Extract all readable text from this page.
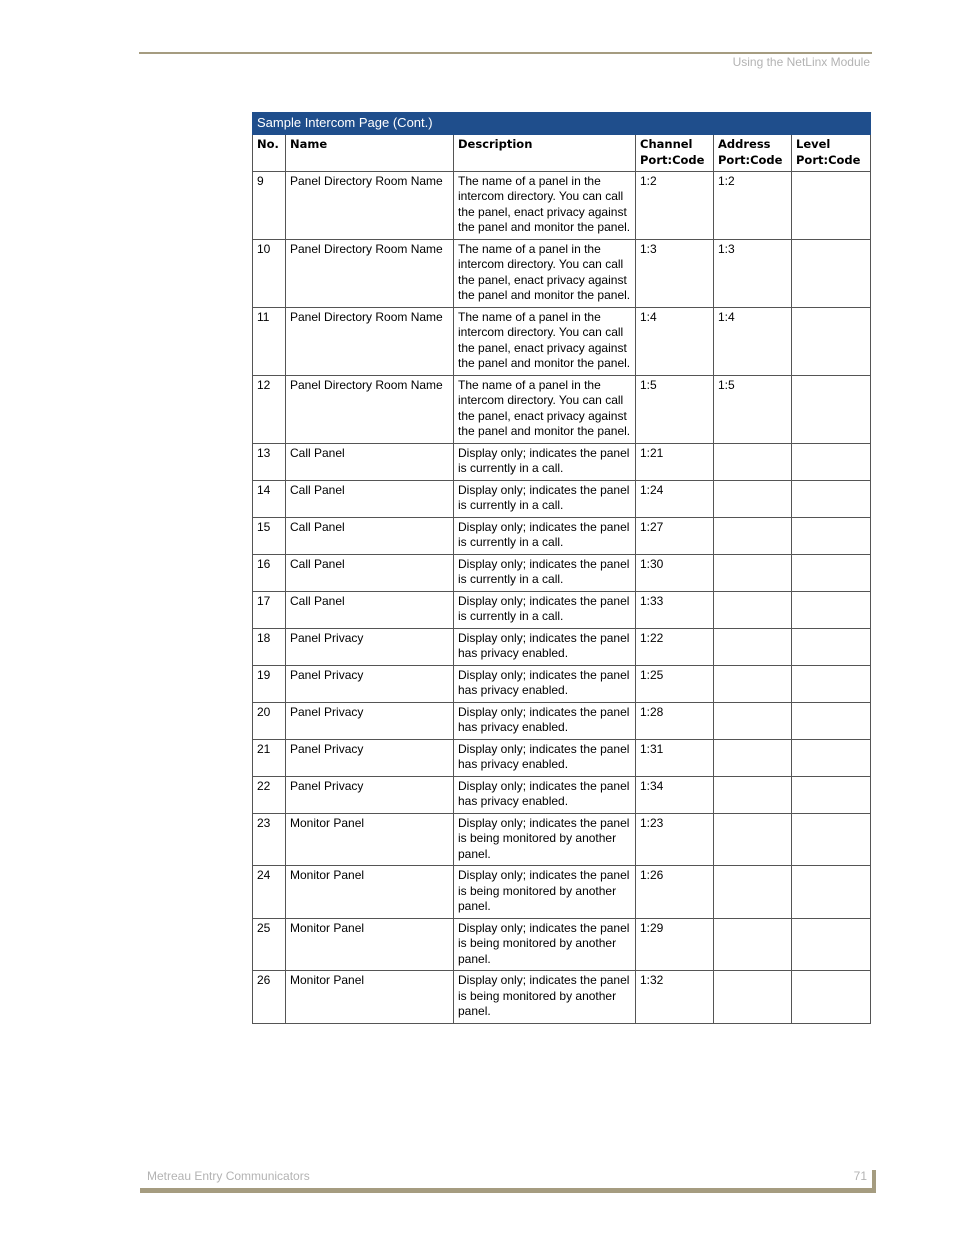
Using the NetLinx Module
Sample Intercom Page (Cont.)					
No.	Name	Description	Channel Port:Code	Address Port:Code	Level Port:Code
9	Panel Directory Room Name	The name of a panel in the intercom directory. You can call the panel, enact privacy against the panel and monitor the panel.	1:2	1:2	
10	Panel Directory Room Name	The name of a panel in the intercom directory. You can call the panel, enact privacy against the panel and monitor the panel.	1:3	1:3	
11	Panel Directory Room Name	The name of a panel in the intercom directory. You can call the panel, enact privacy against the panel and monitor the panel.	1:4	1:4	
12	Panel Directory Room Name	The name of a panel in the intercom directory. You can call the panel, enact privacy against the panel and monitor the panel.	1:5	1:5	
13	Call Panel	Display only; indicates the panel is currently in a call.	1:21		
14	Call Panel	Display only; indicates the panel is currently in a call.	1:24		
15	Call Panel	Display only; indicates the panel is currently in a call.	1:27		
16	Call Panel	Display only; indicates the panel is currently in a call.	1:30		
17	Call Panel	Display only; indicates the panel is currently in a call.	1:33		
18	Panel Privacy	Display only; indicates the panel has privacy enabled.	1:22		
19	Panel Privacy	Display only; indicates the panel has privacy enabled.	1:25		
20	Panel Privacy	Display only; indicates the panel has privacy enabled.	1:28		
21	Panel Privacy	Display only; indicates the panel has privacy enabled.	1:31		
22	Panel Privacy	Display only; indicates the panel has privacy enabled.	1:34		
23	Monitor Panel	Display only; indicates the panel is being monitored by another panel.	1:23		
24	Monitor Panel	Display only; indicates the panel is being monitored by another panel.	1:26		
25	Monitor Panel	Display only; indicates the panel is being monitored by another panel.	1:29		
26	Monitor Panel	Display only; indicates the panel is being monitored by another panel.	1:32		
Metreau Entry Communicators	71
